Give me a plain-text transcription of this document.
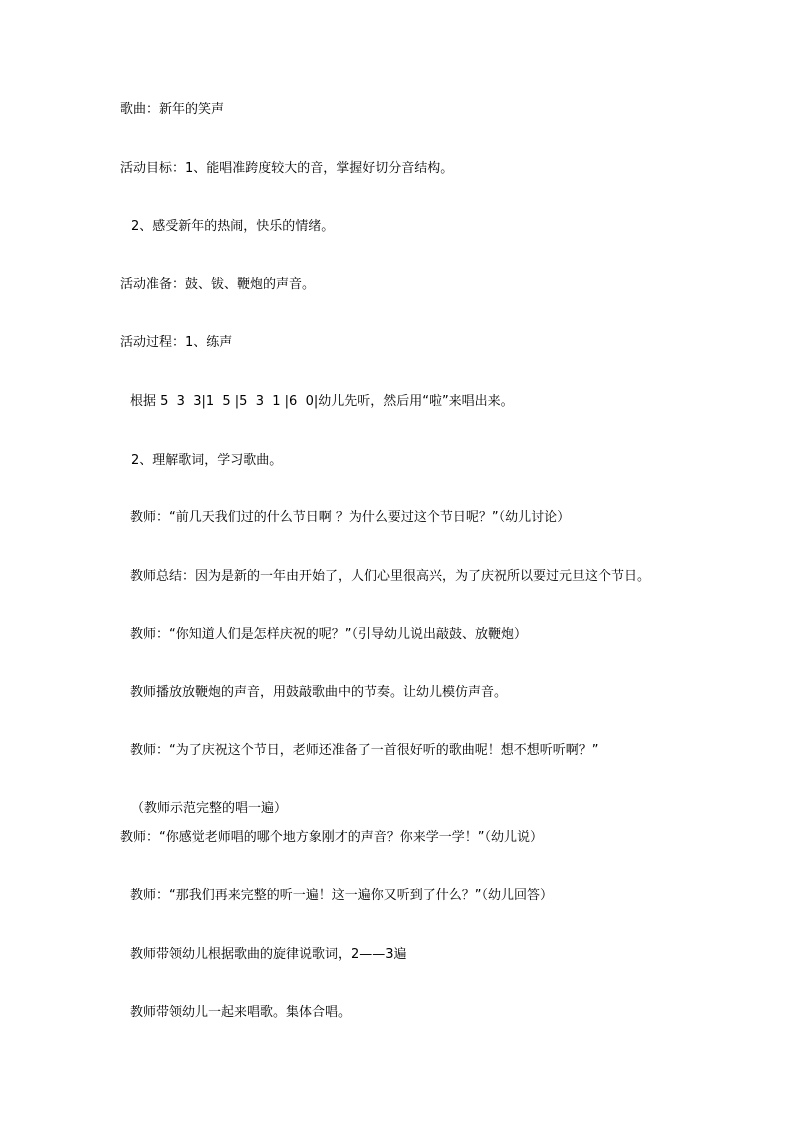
歌曲：新年的笑声

活动目标：1、能唱准跨度较大的音，掌握好切分音结构。

2、感受新年的热闹，快乐的情绪。

活动准备：鼓、钹、鞭炮的声音。

活动过程：1、练声

根据 5  3  3|1  5 |5  3  1 |6  0|幼儿先听，然后用“啦”来唱出来。

2、理解歌词，学习歌曲。

教师：“前几天我们过的什么节日啊 ？为什么要过这个节日呢？”（幼儿讨论）

教师总结：因为是新的一年由开始了，人们心里很高兴，为了庆祝所以要过元旦这个节日。

教师：“你知道人们是怎样庆祝的呢？”（引导幼儿说出敲鼓、放鞭炮）

教师播放放鞭炮的声音，用鼓敲歌曲中的节奏。让幼儿模仿声音。

教师：“为了庆祝这个节日，老师还准备了一首很好听的歌曲呢！想不想听听啊？”

（教师示范完整的唱一遍）

教师：“你感觉老师唱的哪个地方象刚才的声音？你来学一学！”（幼儿说）

教师：“那我们再来完整的听一遍！这一遍你又听到了什么？”（幼儿回答）

教师带领幼儿根据歌曲的旋律说歌词，2——3遍

教师带领幼儿一起来唱歌。集体合唱。
